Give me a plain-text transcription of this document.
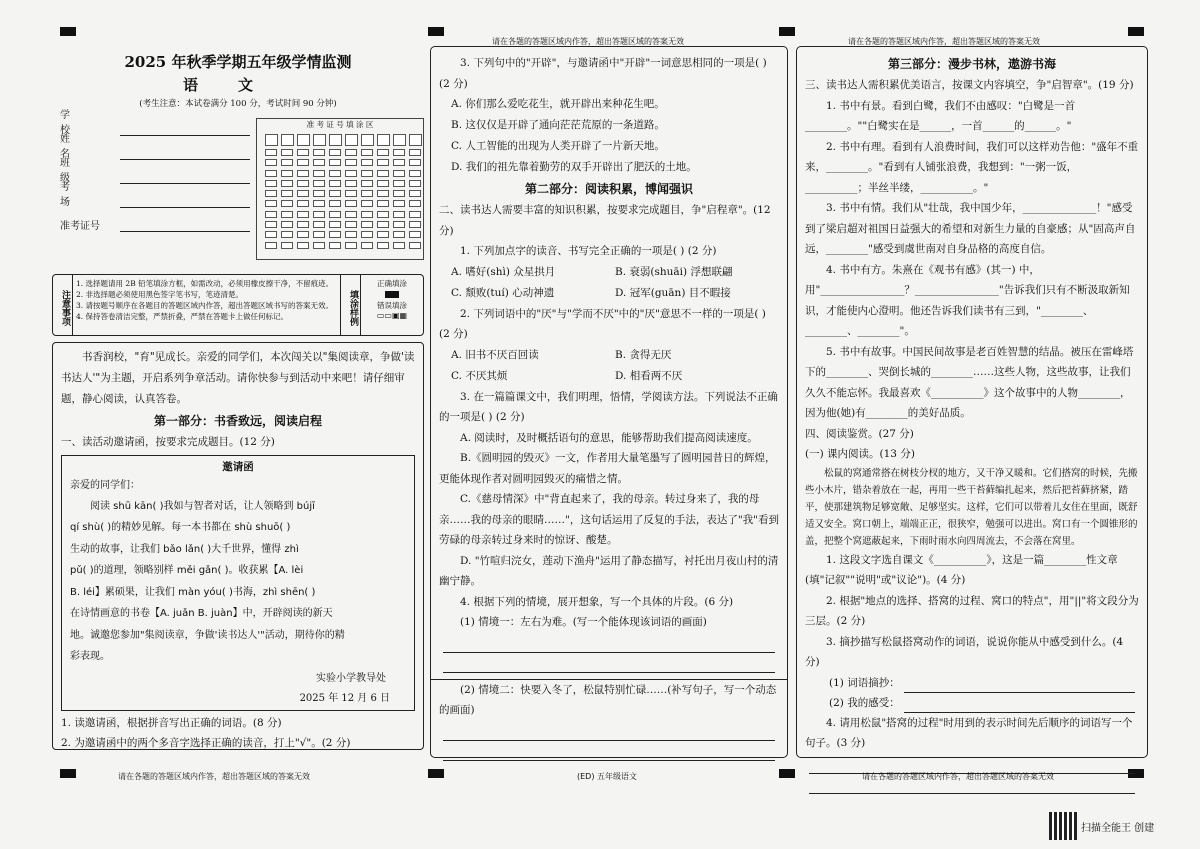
请在各题的答题区域内作答，超出答题区域的答案无效	请在各题的答题区域内作答，超出答题区域的答案无效
2025 年秋季学期五年级学情监测
语文
(考生注意：本试卷满分 100 分，考试时间 90 分钟)
学 校
姓 名
班 级
考 场
准考证号
准 考 证 号 填 涂 区
注意事项
1. 选择题请用 2B 铅笔填涂方框，如需改动，必须用橡皮擦干净，不留痕迹。
2. 非选择题必须使用黑色签字笔书写，笔迹清楚。
3. 请按题号顺序在各题目的答题区域内作答，超出答题区域书写的答案无效。
4. 保持答卷清洁完整，严禁折叠，严禁在答题卡上做任何标记。	填涂样例
正确填涂
错误填涂
▭▭▣▦

书香润校，"育"见成长。亲爱的同学们，本次闯关以"集阅读章，争做'读书达人'"为主题，开启系列争章活动。请你快参与到活动中来吧！请仔细审题，静心阅读，认真答卷。

第一部分：书香致远，阅读启程

一、读活动邀请函，按要求完成题目。(12 分)

邀请函
亲爱的同学们：
阅读 shū kān( )我如与智者对话，让人领略到 bújī
qí shù( )的精妙见解。每一本书都在 shù shuō( )
生动的故事，让我们 bǎo lǎn( )大千世界，懂得 zhì
pǔ( )的道理，领略别样 měi gǎn( )。收获累【A. lèi
B. léi】累硕果，让我们 màn yóu( )书海，zhì shēn( )
在诗情画意的书卷【A. juǎn B. juàn】中，开辟阅读的新天
地。诚邀您参加"集阅读章，争做'读书达人'"活动，期待你的精
彩表现。
实验小学教导处
2025 年 12 月 6 日

1. 读邀请函，根据拼音写出正确的词语。(8 分)

2. 为邀请函中的两个多音字选择正确的读音，打上"√"。(2 分)

3. 下列句中的"开辟"，与邀请函中"开辟"一词意思相同的一项是( ) (2 分)

A. 你们那么爱吃花生，就开辟出来种花生吧。
B. 这仅仅是开辟了通向茫茫荒原的一条道路。
C. 人工智能的出现为人类开辟了一片新天地。
D. 我们的祖先靠着勤劳的双手开辟出了肥沃的土地。
第二部分：阅读积累，博闻强识

二、读书达人需要丰富的知识积累，按要求完成题目，争"启程章"。(12 分)

1. 下列加点字的读音、书写完全正确的一项是( ) (2 分)

A. 嗜好(shì) 众星拱月	B. 衰弱(shuāi) 浮想联翩
C. 颓败(tuí) 心动神遗	D. 冠军(guān) 目不暇接

2. 下列词语中的"厌"与"学而不厌"中的"厌"意思不一样的一项是( ) (2 分)

A. 旧书不厌百回读	B. 贪得无厌
C. 不厌其烦	D. 相看两不厌

3. 在一篇篇课文中，我们明理，悟情，学阅读方法。下列说法不正确的一项是( ) (2 分)

A. 阅读时，及时概括语句的意思，能够帮助我们提高阅读速度。

B.《圆明园的毁灭》一文，作者用大量笔墨写了圆明园昔日的辉煌，更能体现作者对圆明园毁灭的痛惜之情。

C.《慈母情深》中"背直起来了，我的母亲。转过身来了，我的母亲……我的母亲的眼睛……"，这句话运用了反复的手法，表达了"我"看到劳碌的母亲转过身来时的惊讶、酸楚。

D. "竹喧归浣女，莲动下渔舟"运用了静态描写，衬托出月夜山村的清幽宁静。

4. 根据下列的情境，展开想象，写一个具体的片段。(6 分)

(1) 情境一：左右为难。(写一个能体现该词语的画面)

(2) 情境二：快要入冬了，松鼠特别忙碌……(补写句子，写一个动态的画面)

第三部分：漫步书林，遨游书海

三、读书达人需积累优美语言，按课文内容填空，争"启智章"。(19 分)

1. 书中有景。看到白鹭，我们不由感叹："白鹭是一首________。""白鹭实在是______，一首______的______。"

2. 书中有理。看到有人浪费时间，我们可以这样劝告他："盛年不重来，________。"看到有人铺张浪费，我想到："一粥一饭，__________；半丝半缕，__________。"

3. 书中有情。我们从"壮哉，我中国少年，______________！"感受到了梁启超对祖国日益强大的希望和对新生力量的自豪感；从"固高声自远，________"感受到虞世南对自身品格的高度自信。

4. 书中有方。朱熹在《观书有感》(其一) 中，用"________________？________________"告诉我们只有不断汲取新知识，才能使内心澄明。他还告诉我们读书有三到，"________、________、________"。

5. 书中有故事。中国民间故事是老百姓智慧的结晶。被压在雷峰塔下的________、哭倒长城的________……这些人物，这些故事，让我们久久不能忘怀。我最喜欢《__________》这个故事中的人物________，因为他(她)有________的美好品质。

四、阅读鉴赏。(27 分)

(一) 课内阅读。(13 分)

松鼠的窝通常搭在树枝分杈的地方，又干净又暖和。它们搭窝的时候，先搬些小木片，错杂着放在一起，再用一些干苔藓编扎起来，然后把苔藓挤紧，踏平，使那建筑物足够宽敞、足够坚实。这样，它们可以带着儿女住在里面，既舒适又安全。窝口朝上，端端正正，很狭窄，勉强可以进出。窝口有一个圆锥形的盖，把整个窝遮蔽起来，下雨时雨水向四周流去，不会落在窝里。

1. 这段文字选自课文《__________》，这是一篇________性文章(填"记叙""说明"或"议论")。(4 分)

2. 根据"地点的选择、搭窝的过程、窝口的特点"，用"||"将文段分为三层。(2 分)

3. 摘抄描写松鼠搭窝动作的词语，说说你能从中感受到什么。(4 分)

(1) 词语摘抄：
(2) 我的感受：

4. 请用松鼠"搭窝的过程"时用到的表示时间先后顺序的词语写一个句子。(3 分)

请在各题的答题区域内作答，超出答题区域的答案无效	(ED) 五年级语文	请在各题的答题区域内作答，超出答题区域的答案无效
扫描全能王 创建
